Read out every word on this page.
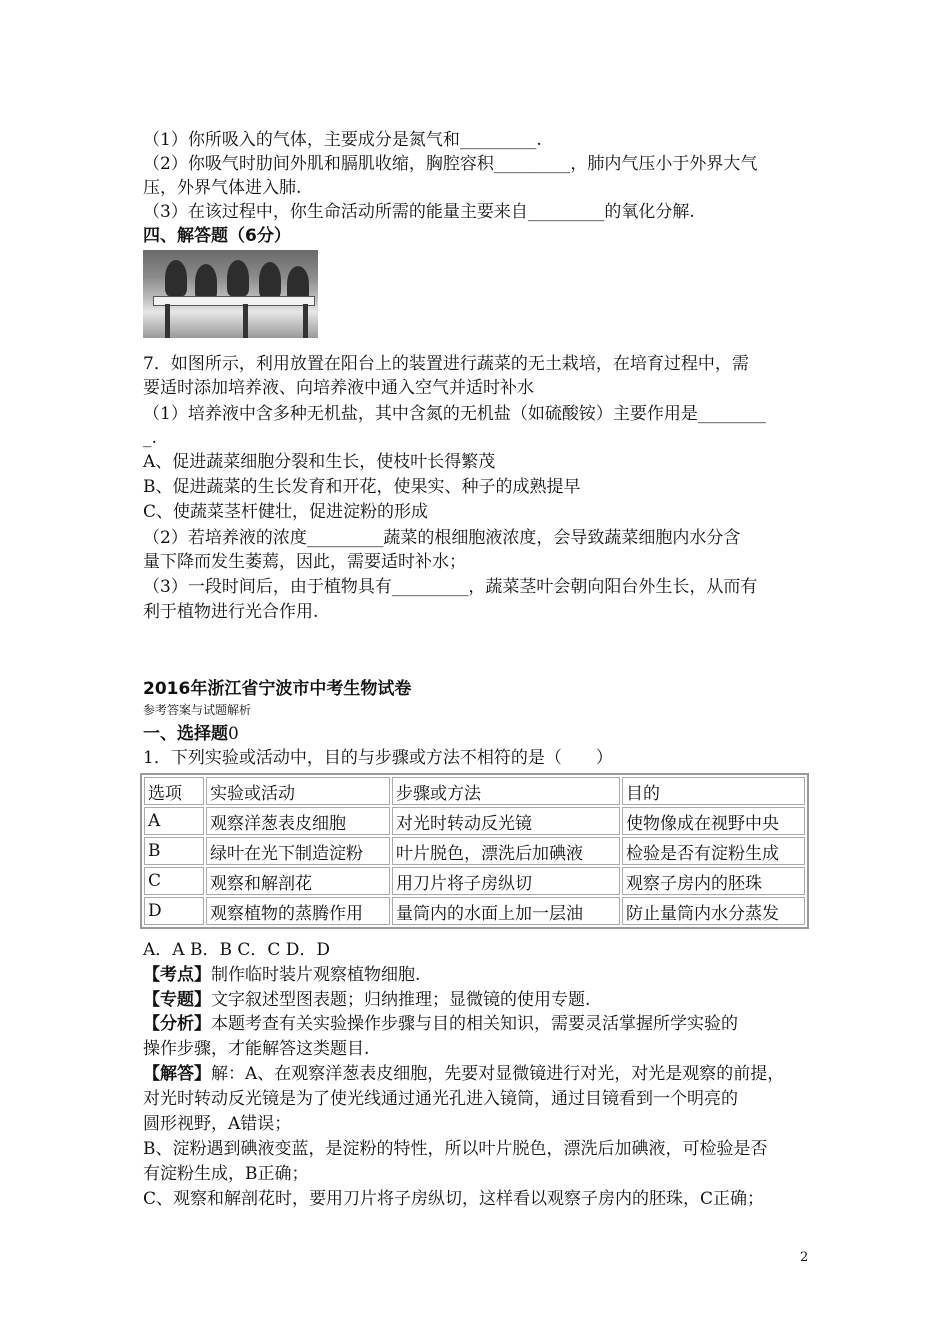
（1）你所吸入的气体，主要成分是氮气和_________.
（2）你吸气时肋间外肌和膈肌收缩，胸腔容积_________，肺内气压小于外界大气
压，外界气体进入肺.
（3）在该过程中，你生命活动所需的能量主要来自_________的氧化分解.
四、解答题（6分）
7．如图所示，利用放置在阳台上的装置进行蔬菜的无土栽培，在培育过程中，需
要适时添加培养液、向培养液中通入空气并适时补水
（1）培养液中含多种无机盐，其中含氮的无机盐（如硫酸铵）主要作用是________
_.
A、促进蔬菜细胞分裂和生长，使枝叶长得繁茂
B、促进蔬菜的生长发育和开花，使果实、种子的成熟提早
C、使蔬菜茎杆健壮，促进淀粉的形成
（2）若培养液的浓度_________蔬菜的根细胞液浓度，会导致蔬菜细胞内水分含
量下降而发生萎蔫，因此，需要适时补水；
（3）一段时间后，由于植物具有_________，蔬菜茎叶会朝向阳台外生长，从而有
利于植物进行光合作用.
2016年浙江省宁波市中考生物试卷
参考答案与试题解析
一、选择题0
1．下列实验或活动中，目的与步骤或方法不相符的是（　　）
选项	实验或活动	步骤或方法	目的
A	观察洋葱表皮细胞	对光时转动反光镜	使物像成在视野中央
B	绿叶在光下制造淀粉	叶片脱色，漂洗后加碘液	检验是否有淀粉生成
C	观察和解剖花	用刀片将子房纵切	观察子房内的胚珠
D	观察植物的蒸腾作用	量筒内的水面上加一层油	防止量筒内水分蒸发
A．A B．B C．C D．D
【考点】制作临时装片观察植物细胞.
【专题】文字叙述型图表题；归纳推理；显微镜的使用专题.
【分析】本题考查有关实验操作步骤与目的相关知识，需要灵活掌握所学实验的
操作步骤，才能解答这类题目.
【解答】解：A、在观察洋葱表皮细胞，先要对显微镜进行对光，对光是观察的前提，
对光时转动反光镜是为了使光线通过通光孔进入镜筒，通过目镜看到一个明亮的
圆形视野，A错误；
B、淀粉遇到碘液变蓝，是淀粉的特性，所以叶片脱色，漂洗后加碘液，可检验是否
有淀粉生成，B正确；
C、观察和解剖花时，要用刀片将子房纵切，这样看以观察子房内的胚珠，C正确；
2
